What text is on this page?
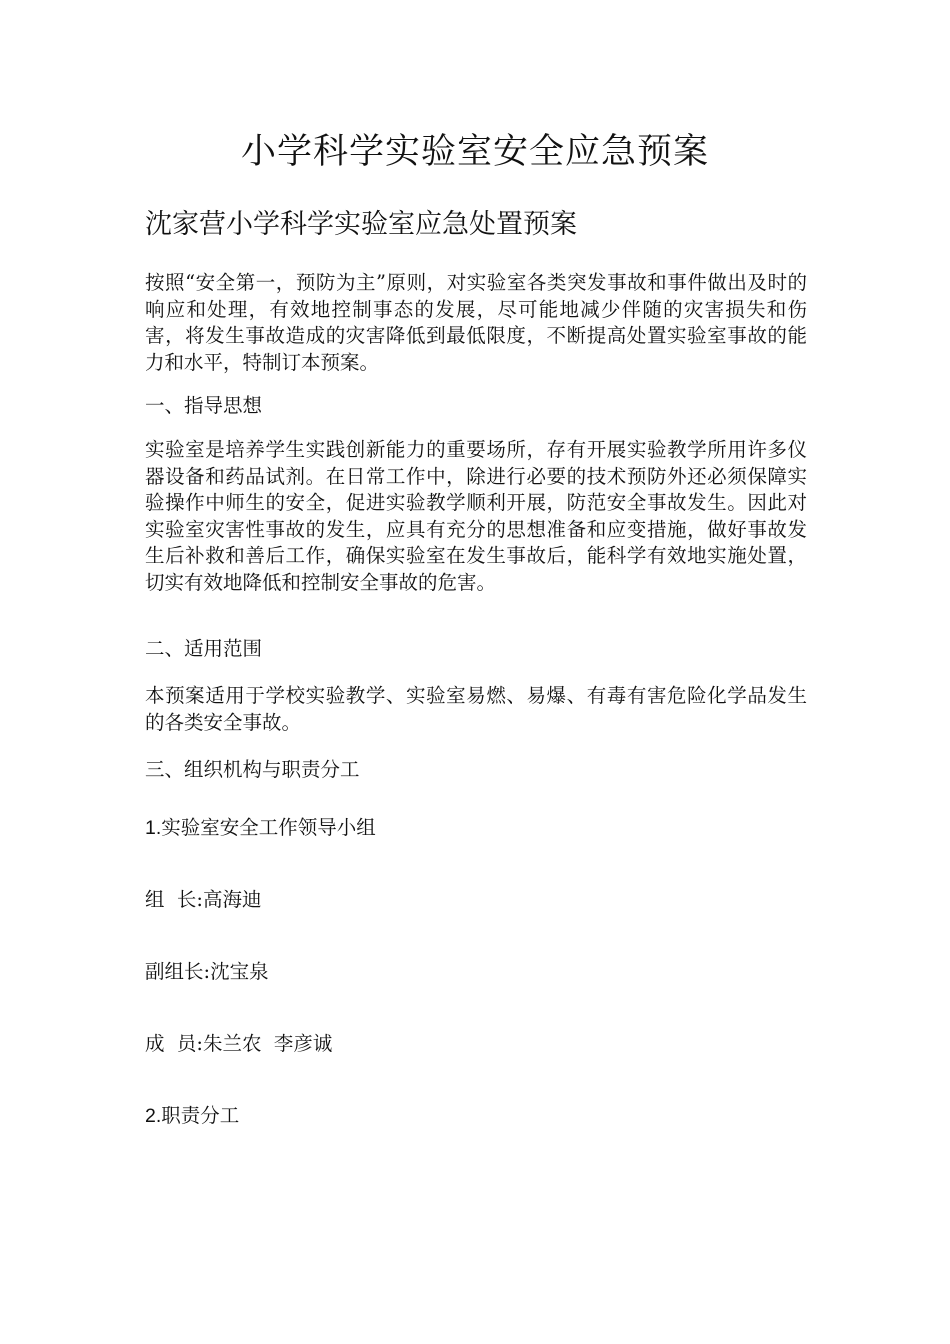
小学科学实验室安全应急预案
沈家营小学科学实验室应急处置预案

按照“安全第一，预防为主”原则，对实验室各类突发事故和事件做出及时的响应和处理，有效地控制事态的发展，尽可能地减少伴随的灾害损失和伤害，将发生事故造成的灾害降低到最低限度，不断提高处置实验室事故的能力和水平，特制订本预案。

一、指导思想

实验室是培养学生实践创新能力的重要场所，存有开展实验教学所用许多仪器设备和药品试剂。在日常工作中，除进行必要的技术预防外还必须保障实验操作中师生的安全，促进实验教学顺利开展，防范安全事故发生。因此对实验室灾害性事故的发生，应具有充分的思想准备和应变措施，做好事故发生后补救和善后工作，确保实验室在发生事故后，能科学有效地实施处置，切实有效地降低和控制安全事故的危害。

二、适用范围

本预案适用于学校实验教学、实验室易燃、易爆、有毒有害危险化学品发生的各类安全事故。

三、组织机构与职责分工

1.实验室安全工作领导小组

组  长:高海迪

副组长:沈宝泉

成  员:朱兰农  李彦诚

2.职责分工
